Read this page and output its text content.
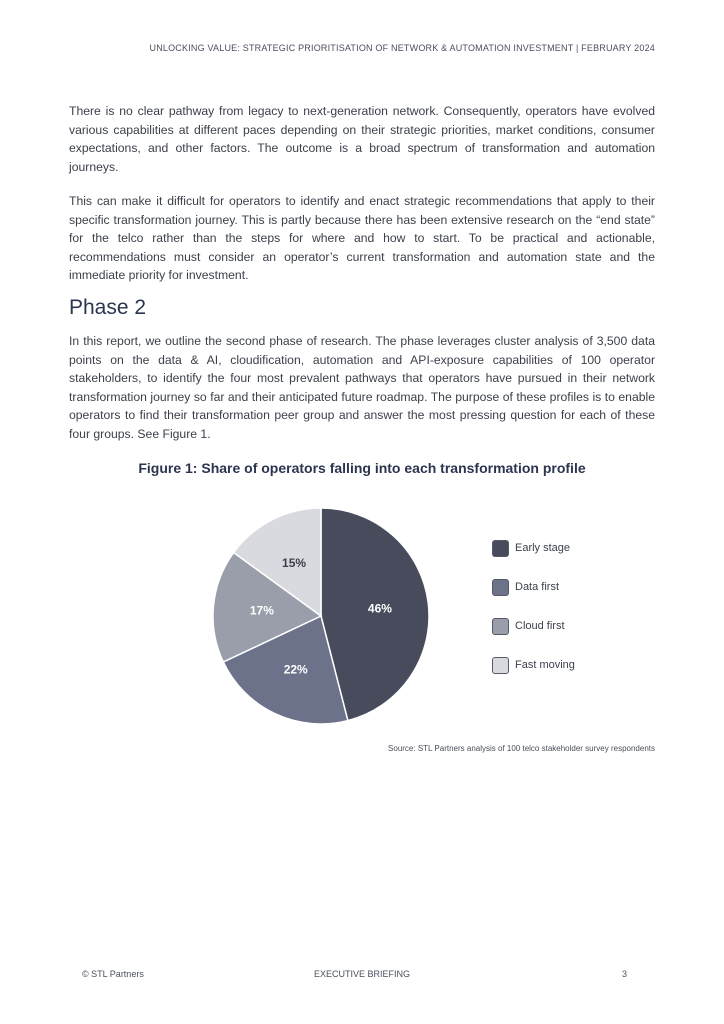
UNLOCKING VALUE: STRATEGIC PRIORITISATION OF NETWORK & AUTOMATION INVESTMENT | FEBRUARY 2024

There is no clear pathway from legacy to next-generation network. Consequently, operators have evolved various capabilities at different paces depending on their strategic priorities, market conditions, consumer expectations, and other factors. The outcome is a broad spectrum of transformation and automation journeys.

This can make it difficult for operators to identify and enact strategic recommendations that apply to their specific transformation journey. This is partly because there has been extensive research on the “end state” for the telco rather than the steps for where and how to start. To be practical and actionable, recommendations must consider an operator’s current transformation and automation state and the immediate priority for investment.

Phase 2

In this report, we outline the second phase of research. The phase leverages cluster analysis of 3,500 data points on the data & AI, cloudification, automation and API-exposure capabilities of 100 operator stakeholders, to identify the four most prevalent pathways that operators have pursued in their network transformation journey so far and their anticipated future roadmap. The purpose of these profiles is to enable operators to find their transformation peer group and answer the most pressing question for each of these four groups. See Figure 1.

Figure 1: Share of operators falling into each transformation profile
46%
22%
17%
15%
Early stage
Data first
Cloud first
Fast moving
Source: STL Partners analysis of 100 telco stakeholder survey respondents
© STL Partners	EXECUTIVE BRIEFING	3
